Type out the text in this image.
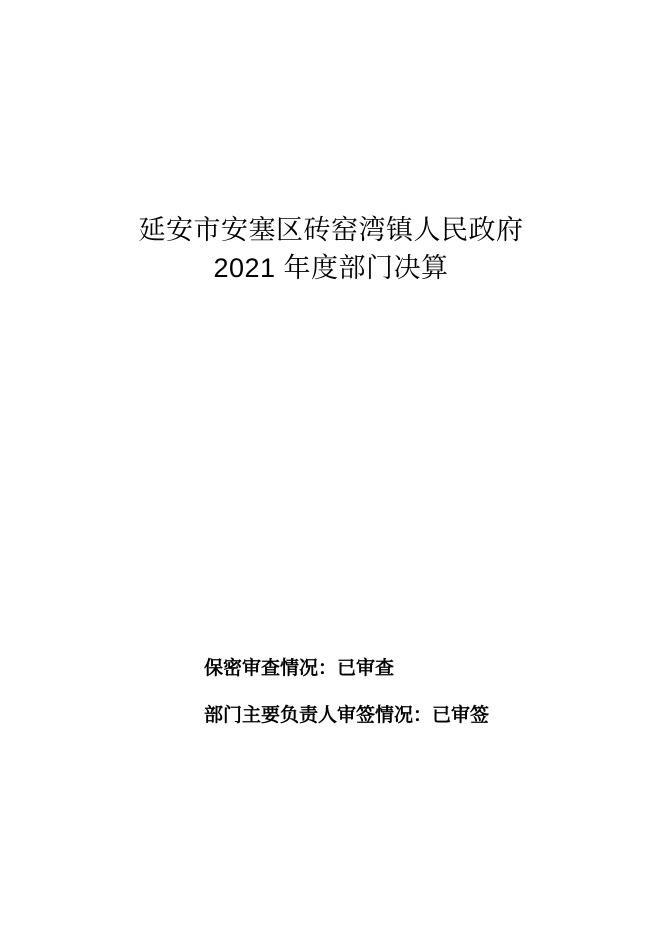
延安市安塞区砖窑湾镇人民政府
2021 年度部门决算

保密审查情况：已审查

部门主要负责人审签情况：已审签
